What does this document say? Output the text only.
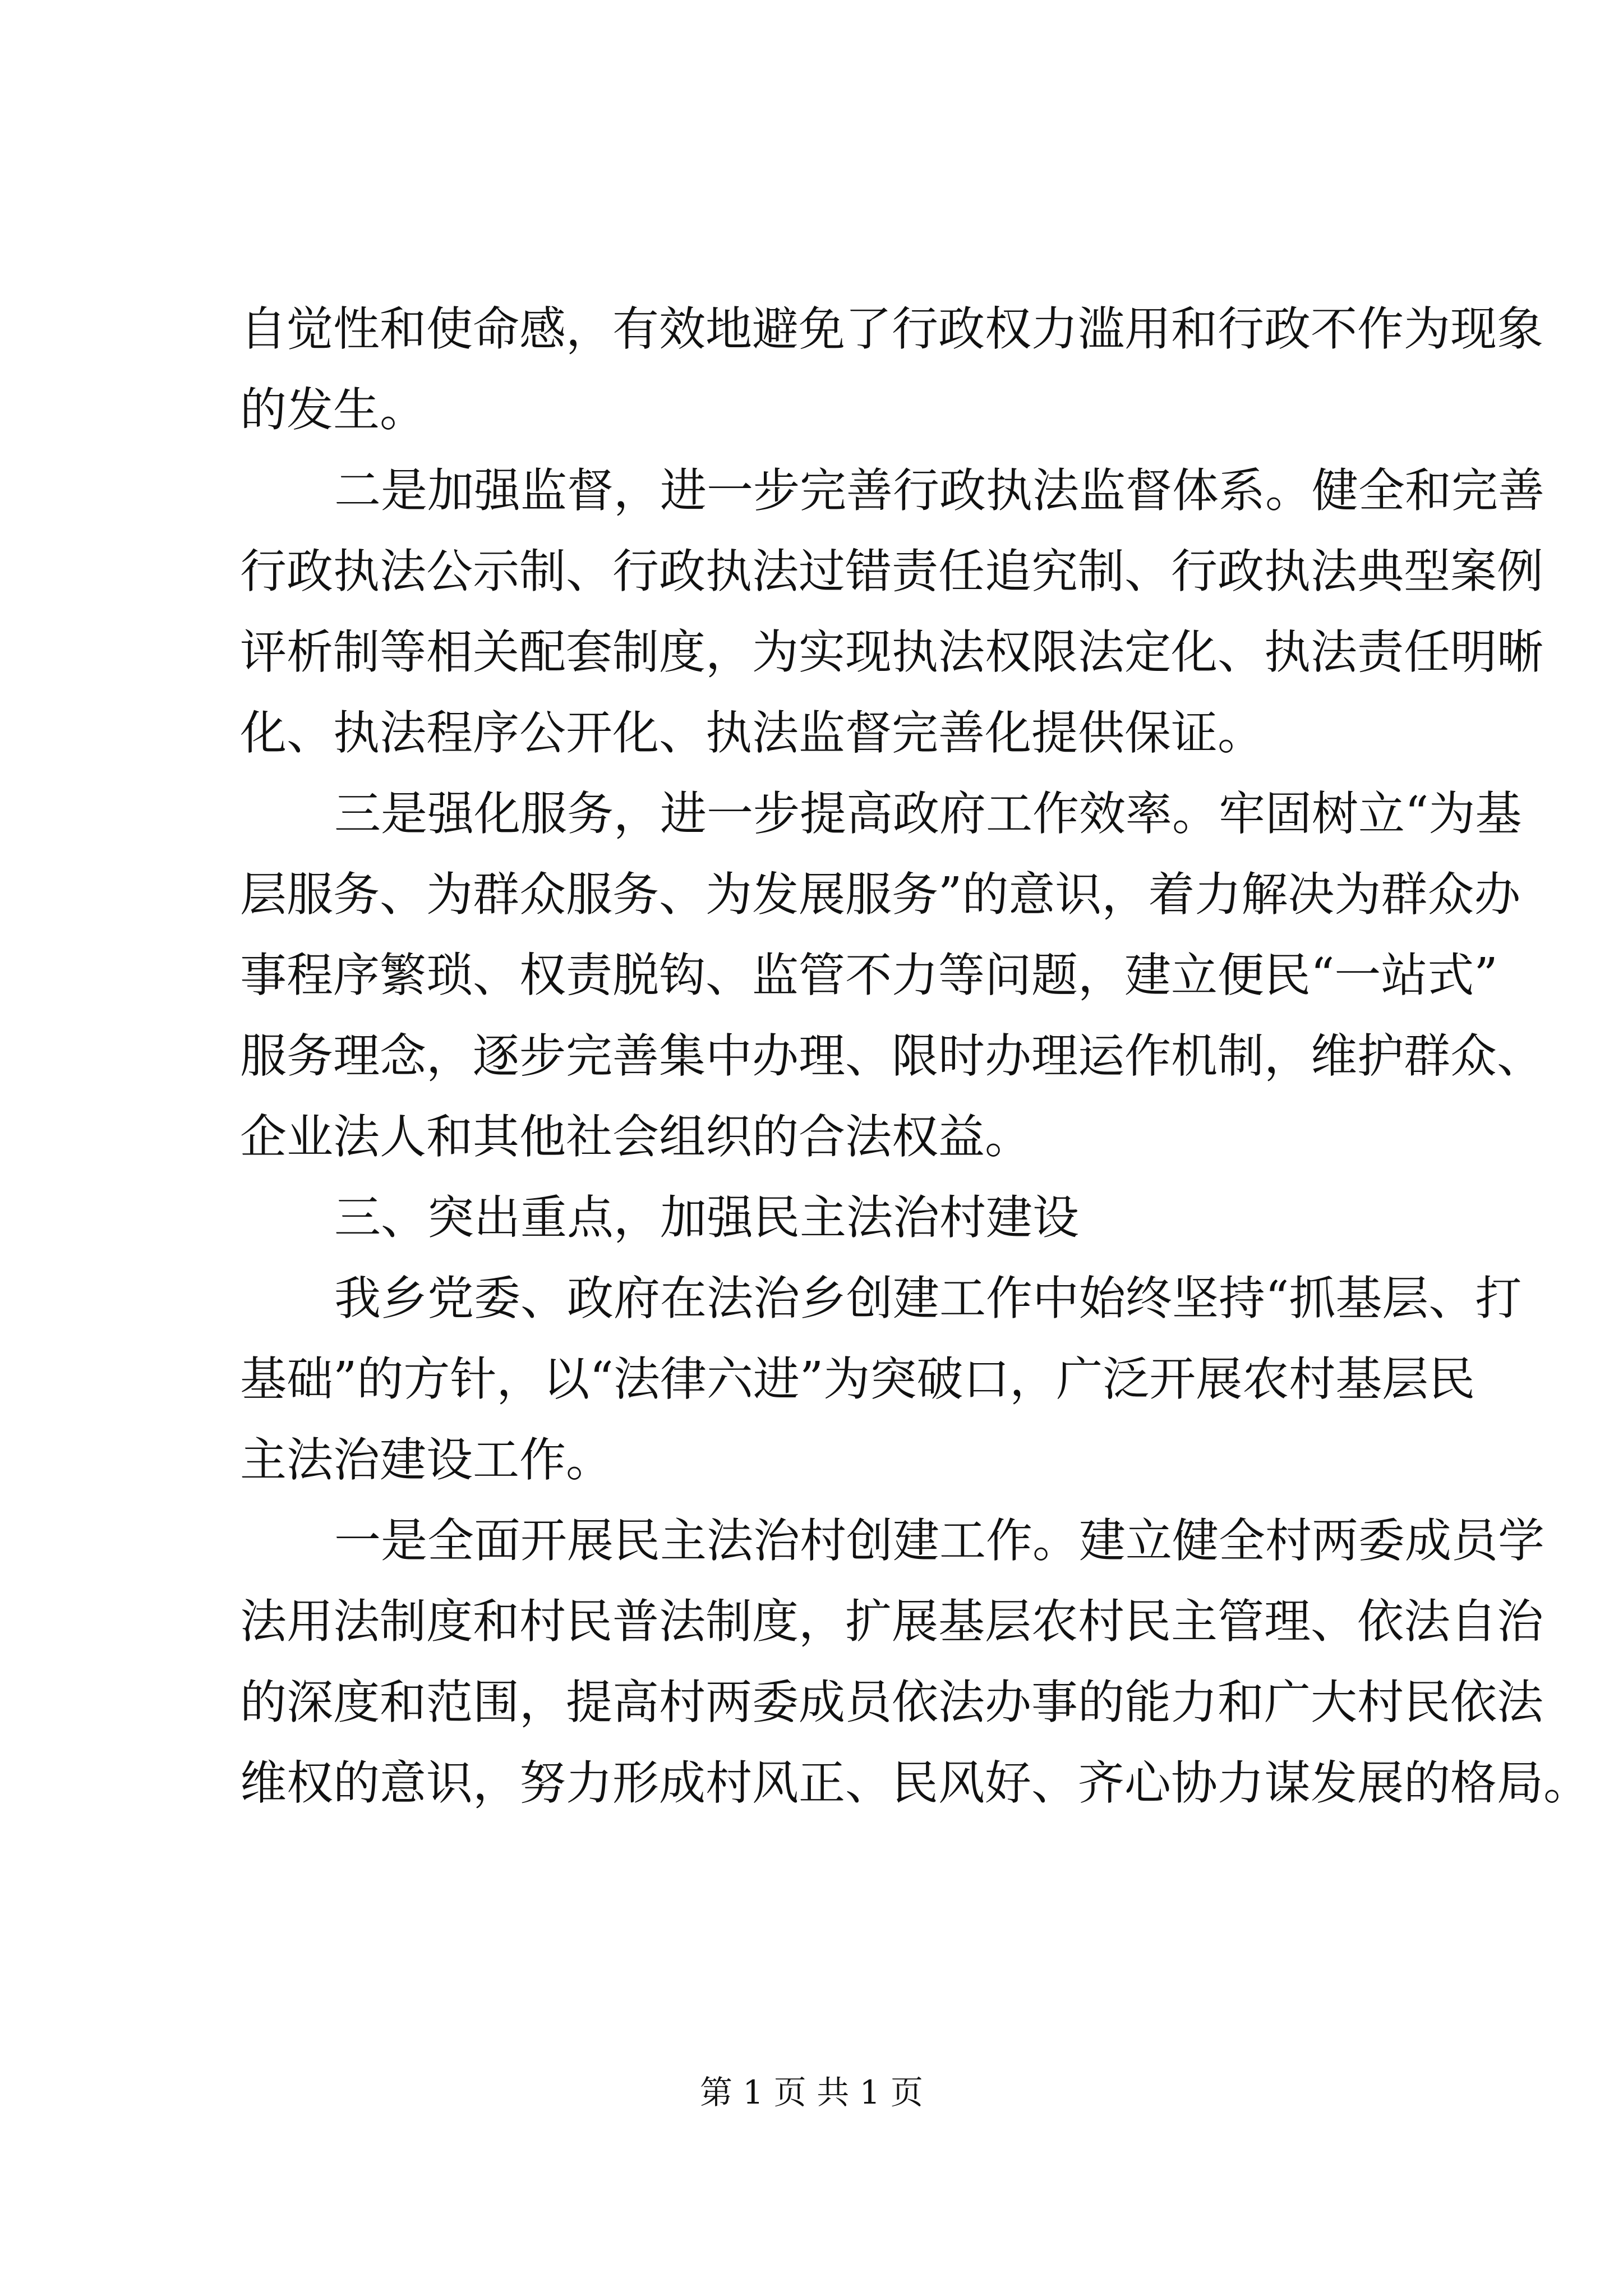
自觉性和使命感，有效地避免了行政权力滥用和行政不作为现象
的发生。
二是加强监督，进一步完善行政执法监督体系。健全和完善
行政执法公示制、行政执法过错责任追究制、行政执法典型案例
评析制等相关配套制度，为实现执法权限法定化、执法责任明晰
化、执法程序公开化、执法监督完善化提供保证。
三是强化服务，进一步提高政府工作效率。牢固树立“为基
层服务、为群众服务、为发展服务”的意识，着力解决为群众办
事程序繁琐、权责脱钩、监管不力等问题，建立便民“一站式”
服务理念，逐步完善集中办理、限时办理运作机制，维护群众、
企业法人和其他社会组织的合法权益。
三、突出重点，加强民主法治村建设
我乡党委、政府在法治乡创建工作中始终坚持“抓基层、打
基础”的方针，以“法律六进”为突破口，广泛开展农村基层民
主法治建设工作。
一是全面开展民主法治村创建工作。建立健全村两委成员学
法用法制度和村民普法制度，扩展基层农村民主管理、依法自治
的深度和范围，提高村两委成员依法办事的能力和广大村民依法
维权的意识，努力形成村风正、民风好、齐心协力谋发展的格局。
第 1 页 共 1 页
